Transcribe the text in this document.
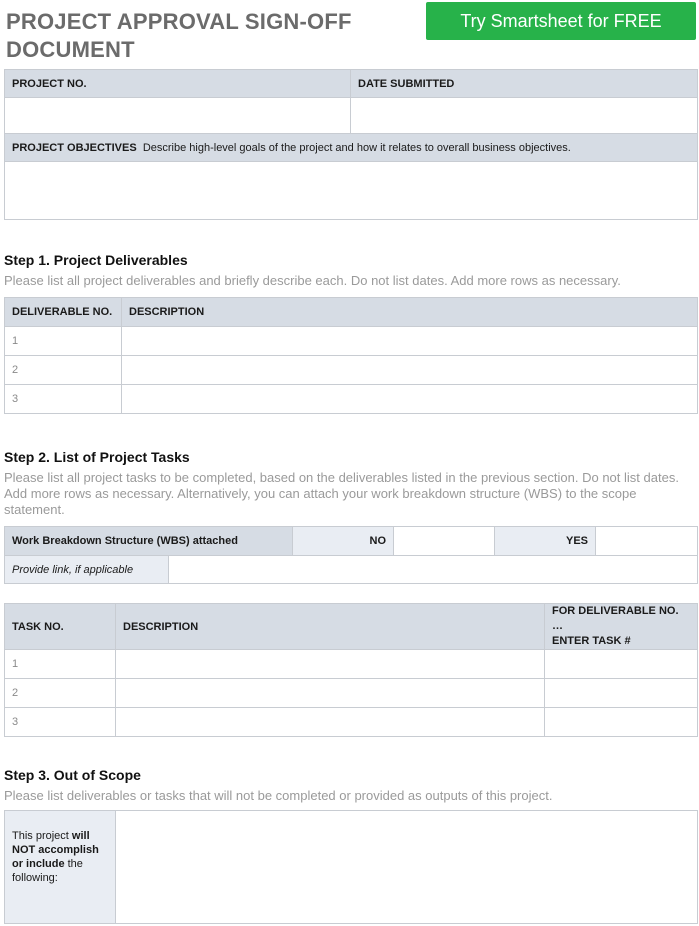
PROJECT APPROVAL SIGN-OFF DOCUMENT
Try Smartsheet for FREE
PROJECT NO.	DATE SUBMITTED

PROJECT OBJECTIVES Describe high-level goals of the project and how it relates to overall business objectives.	

Step 1. Project Deliverables
Please list all project deliverables and briefly describe each. Do not list dates. Add more rows as necessary.
DELIVERABLE NO.	DESCRIPTION
1	
2	
3	
Step 2. List of Project Tasks
Please list all project tasks to be completed, based on the deliverables listed in the previous section. Do not list dates. Add more rows as necessary. Alternatively, you can attach your work breakdown structure (WBS) to the scope statement.
Work Breakdown Structure (WBS) attached	NO		YES	
Provide link, if applicable	
TASK NO.	DESCRIPTION	FOR DELIVERABLE NO. …
ENTER TASK #

1		
2		
3		
Step 3. Out of Scope
Please list deliverables or tasks that will not be completed or provided as outputs of this project.
This project will NOT accomplish or include the following:	
